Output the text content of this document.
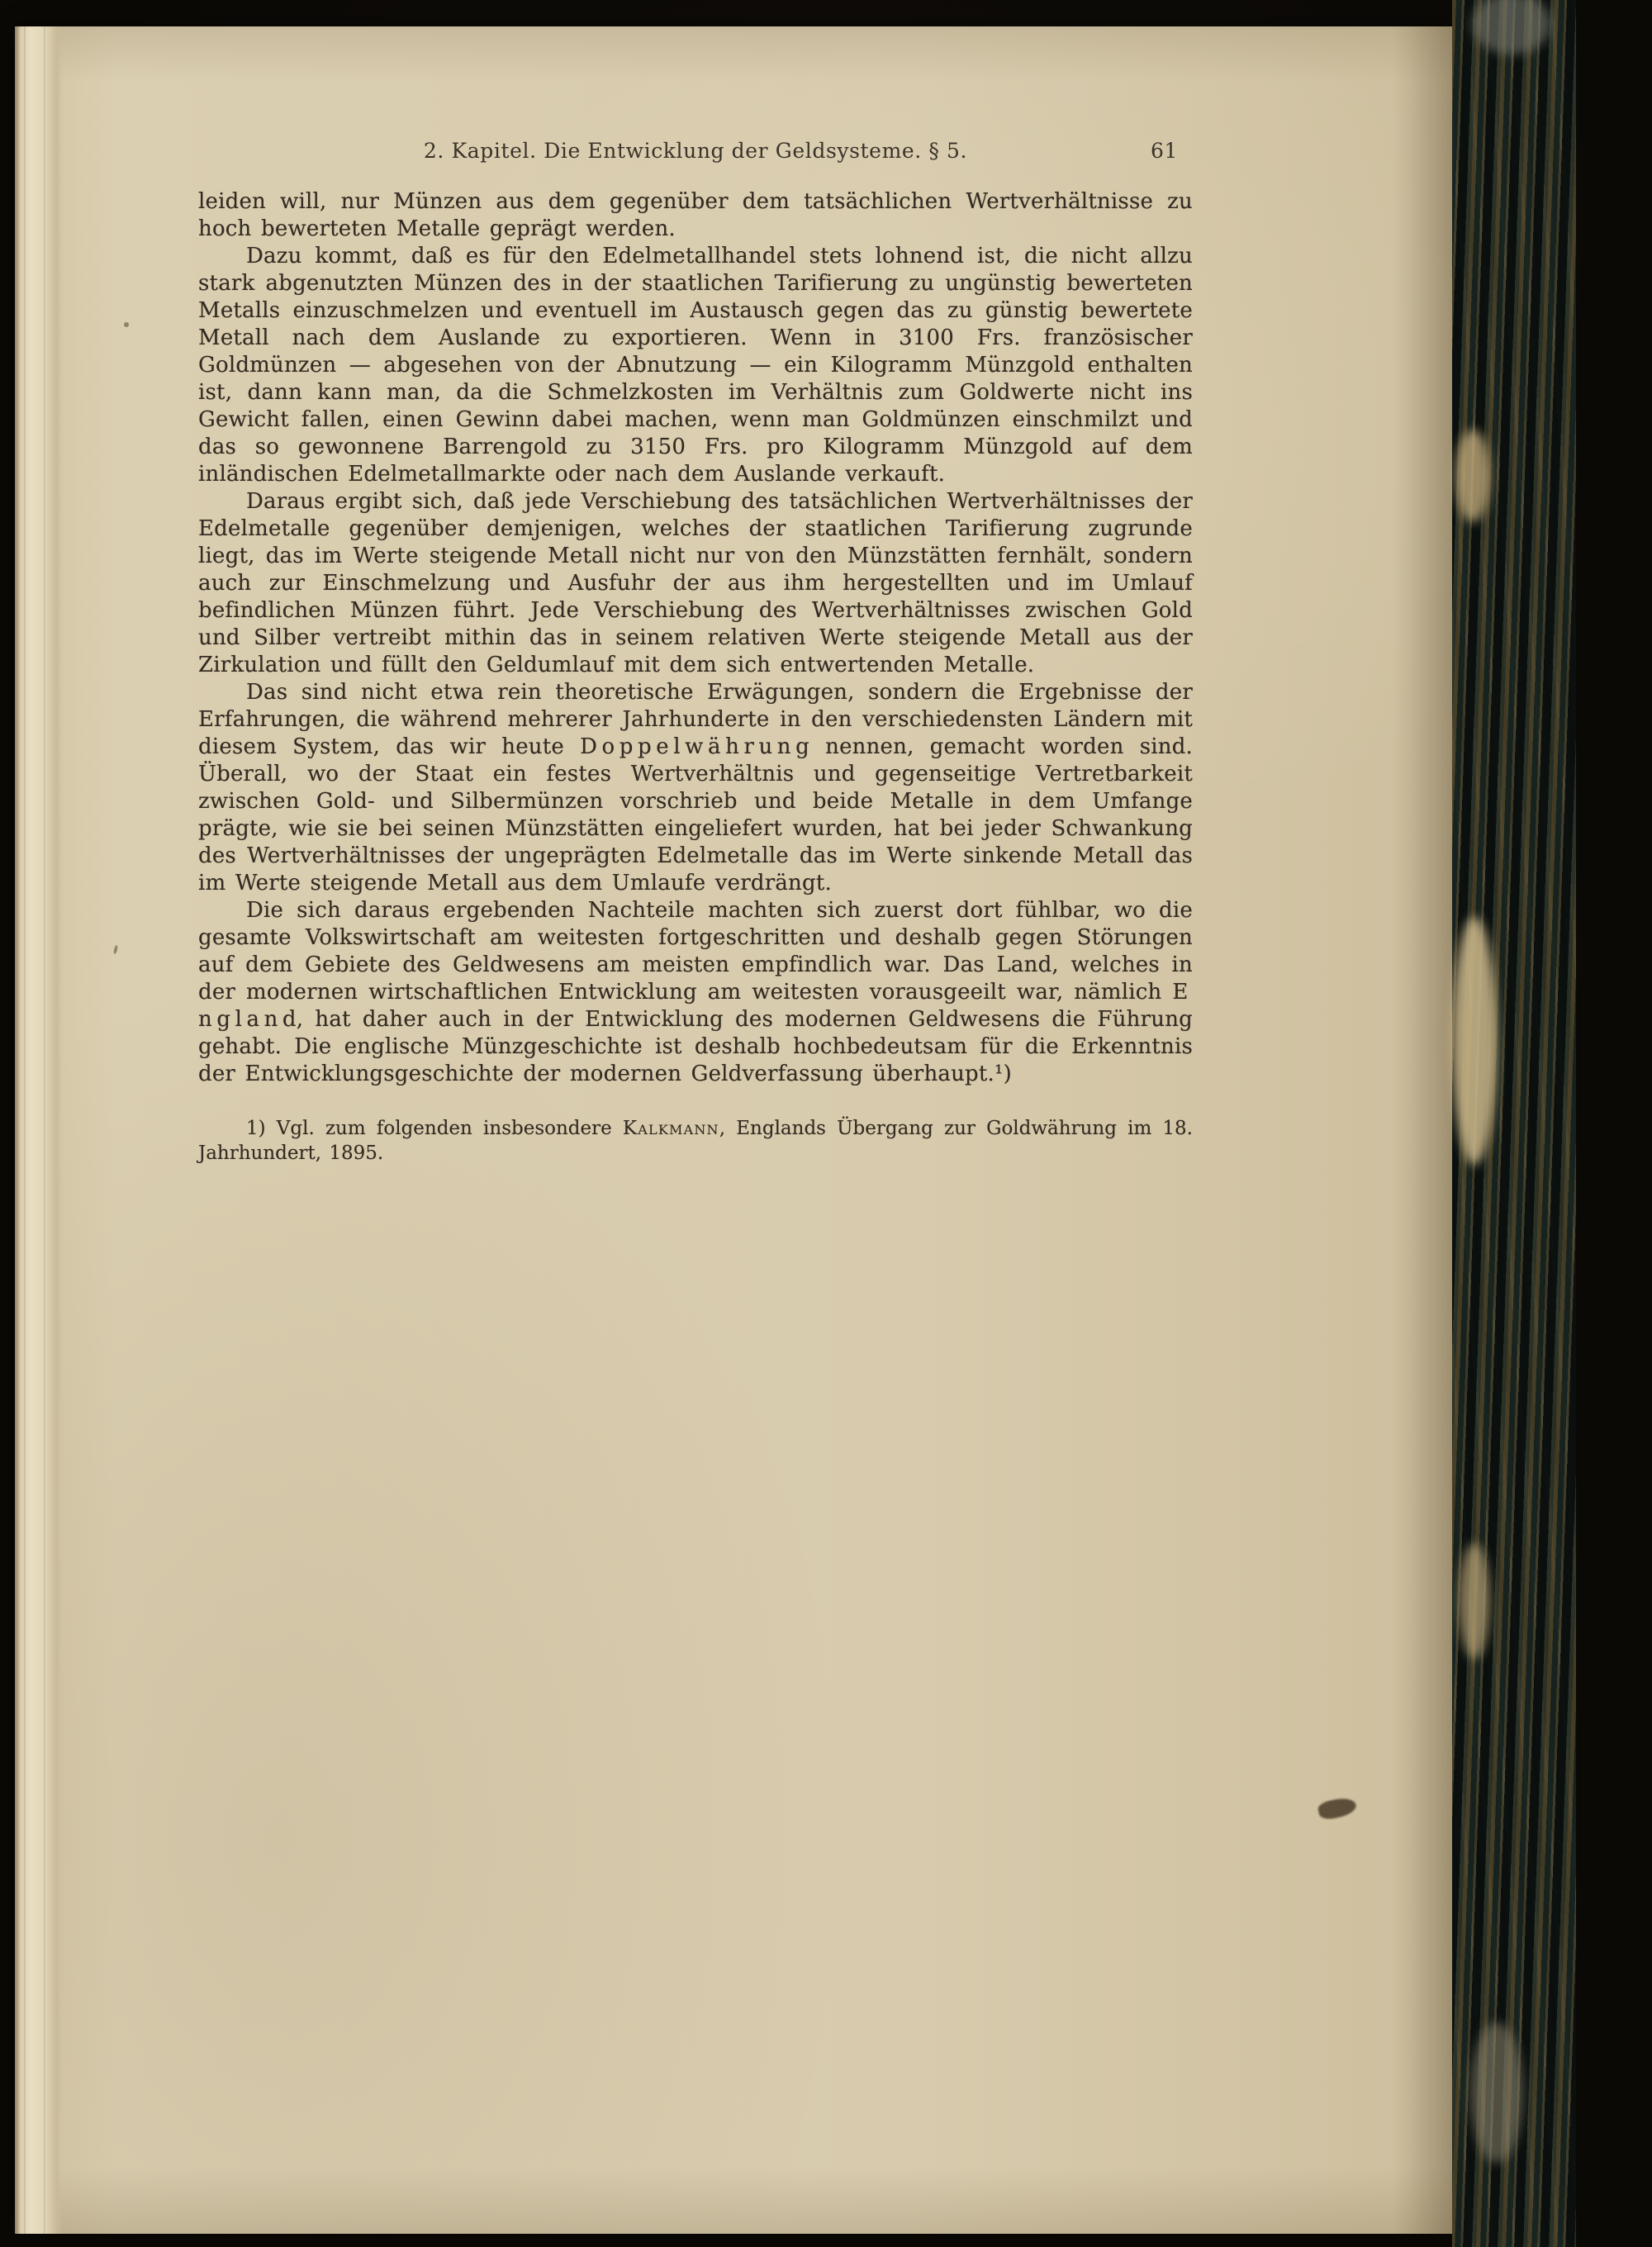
2. Kapitel. Die Entwicklung der Geldsysteme. § 5.	61

leiden will, nur Münzen aus dem gegenüber dem tatsächlichen Wertverhältnisse zu hoch bewerteten Metalle geprägt werden.

Dazu kommt, daß es für den Edelmetallhandel stets lohnend ist, die nicht allzu stark abgenutzten Münzen des in der staatlichen Tarifierung zu ungünstig bewerteten Metalls einzuschmelzen und eventuell im Austausch gegen das zu günstig bewertete Metall nach dem Auslande zu exportieren. Wenn in 3100 Frs. französischer Goldmünzen — abgesehen von der Abnutzung — ein Kilogramm Münzgold enthalten ist, dann kann man, da die Schmelzkosten im Verhältnis zum Goldwerte nicht ins Gewicht fallen, einen Gewinn dabei machen, wenn man Goldmünzen einschmilzt und das so gewonnene Barrengold zu 3150 Frs. pro Kilogramm Münzgold auf dem inländischen Edelmetallmarkte oder nach dem Auslande verkauft.

Daraus ergibt sich, daß jede Verschiebung des tatsächlichen Wertverhältnisses der Edelmetalle gegenüber demjenigen, welches der staatlichen Tarifierung zugrunde liegt, das im Werte steigende Metall nicht nur von den Münzstätten fernhält, sondern auch zur Einschmelzung und Ausfuhr der aus ihm hergestellten und im Umlauf befindlichen Münzen führt. Jede Verschiebung des Wertverhältnisses zwischen Gold und Silber vertreibt mithin das in seinem relativen Werte steigende Metall aus der Zirkulation und füllt den Geldumlauf mit dem sich entwertenden Metalle.

Das sind nicht etwa rein theoretische Erwägungen, sondern die Ergebnisse der Erfahrungen, die während mehrerer Jahrhunderte in den verschiedensten Ländern mit diesem System, das wir heute D o p p e l w ä h r u n g nennen, gemacht worden sind. Überall, wo der Staat ein festes Wertverhältnis und gegenseitige Vertretbarkeit zwischen Gold- und Silbermünzen vorschrieb und beide Metalle in dem Umfange prägte, wie sie bei seinen Münzstätten eingeliefert wurden, hat bei jeder Schwankung des Wertverhältnisses der ungeprägten Edelmetalle das im Werte sinkende Metall das im Werte steigende Metall aus dem Umlaufe verdrängt.

Die sich daraus ergebenden Nachteile machten sich zuerst dort fühlbar, wo die gesamte Volkswirtschaft am weitesten fortgeschritten und deshalb gegen Störungen auf dem Gebiete des Geldwesens am meisten empfindlich war. Das Land, welches in der modernen wirtschaftlichen Entwicklung am weitesten vorausgeeilt war, nämlich E n g l a n d, hat daher auch in der Entwicklung des modernen Geldwesens die Führung gehabt. Die englische Münzgeschichte ist deshalb hochbedeutsam für die Erkenntnis der Entwicklungsgeschichte der modernen Geldverfassung überhaupt.¹)

1) Vgl. zum folgenden insbesondere Kalkmann, Englands Übergang zur Goldwährung im 18. Jahrhundert, 1895.
